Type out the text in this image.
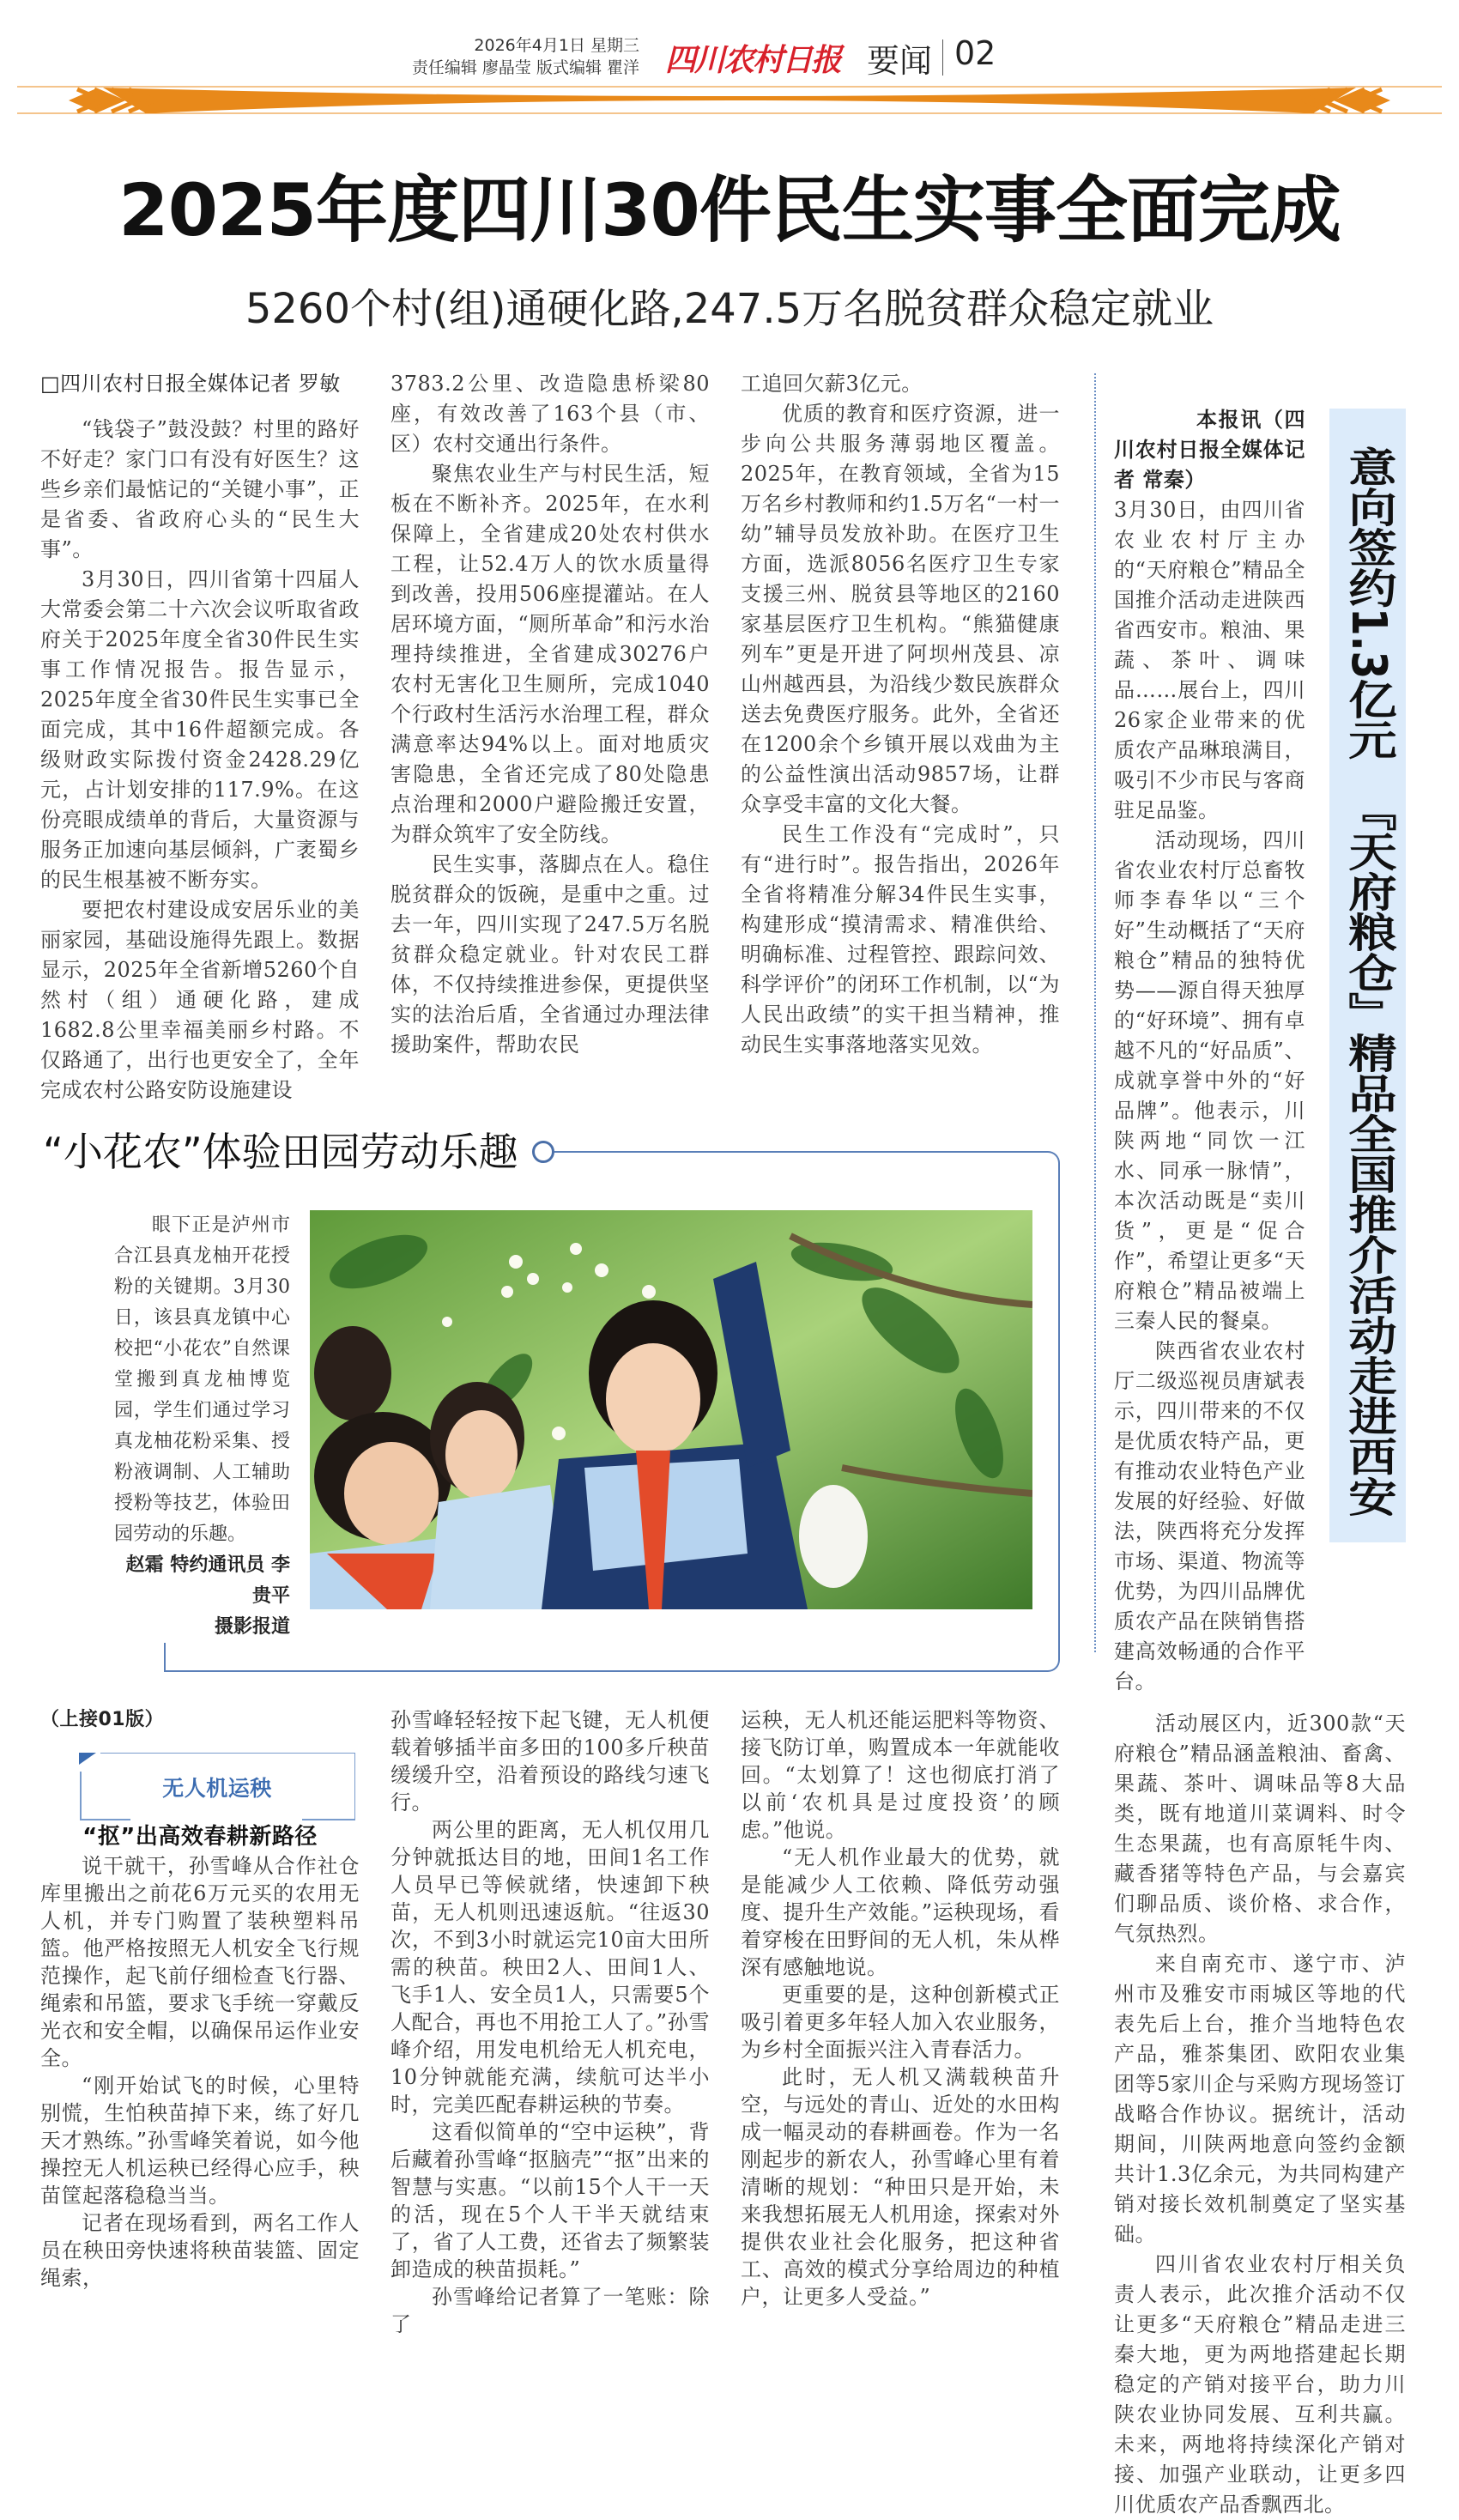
2026年4月1日 星期三
责任编辑 廖晶莹 版式编辑 瞿洋 四川农村日报 要闻 02
2025年度四川30件民生实事全面完成
5260个村(组)通硬化路,247.5万名脱贫群众稳定就业

□四川农村日报全媒体记者 罗敏

“钱袋子”鼓没鼓？村里的路好不好走？家门口有没有好医生？这些乡亲们最惦记的“关键小事”，正是省委、省政府心头的“民生大事”。

3月30日，四川省第十四届人大常委会第二十六次会议听取省政府关于2025年度全省30件民生实事工作情况报告。报告显示，2025年度全省30件民生实事已全面完成，其中16件超额完成。各级财政实际拨付资金2428.29亿元，占计划安排的117.9%。在这份亮眼成绩单的背后，大量资源与服务正加速向基层倾斜，广袤蜀乡的民生根基被不断夯实。

要把农村建设成安居乐业的美丽家园，基础设施得先跟上。数据显示，2025年全省新增5260个自然村（组）通硬化路，建成1682.8公里幸福美丽乡村路。不仅路通了，出行也更安全了，全年完成农村公路安防设施建设

3783.2公里、改造隐患桥梁80座，有效改善了163个县（市、区）农村交通出行条件。

聚焦农业生产与村民生活，短板在不断补齐。2025年，在水利保障上，全省建成20处农村供水工程，让52.4万人的饮水质量得到改善，投用506座提灌站。在人居环境方面，“厕所革命”和污水治理持续推进，全省建成30276户农村无害化卫生厕所，完成1040个行政村生活污水治理工程，群众满意率达94%以上。面对地质灾害隐患，全省还完成了80处隐患点治理和2000户避险搬迁安置，为群众筑牢了安全防线。

民生实事，落脚点在人。稳住脱贫群众的饭碗，是重中之重。过去一年，四川实现了247.5万名脱贫群众稳定就业。针对农民工群体，不仅持续推进参保，更提供坚实的法治后盾，全省通过办理法律援助案件，帮助农民

工追回欠薪3亿元。

优质的教育和医疗资源，进一步向公共服务薄弱地区覆盖。2025年，在教育领域，全省为15万名乡村教师和约1.5万名“一村一幼”辅导员发放补助。在医疗卫生方面，选派8056名医疗卫生专家支援三州、脱贫县等地区的2160家基层医疗卫生机构。“熊猫健康列车”更是开进了阿坝州茂县、凉山州越西县，为沿线少数民族群众送去免费医疗服务。此外，全省还在1200余个乡镇开展以戏曲为主的公益性演出活动9857场，让群众享受丰富的文化大餐。

民生工作没有“完成时”，只有“进行时”。报告指出，2026年全省将精准分解34件民生实事，构建形成“摸清需求、精准供给、明确标准、过程管控、跟踪问效、科学评价”的闭环工作机制，以“为人民出政绩”的实干担当精神，推动民生实事落地落实见效。

“小花农”体验田园劳动乐趣

眼下正是泸州市合江县真龙柚开花授粉的关键期。3月30日，该县真龙镇中心校把“小花农”自然课堂搬到真龙柚博览园，学生们通过学习真龙柚花粉采集、授粉液调制、人工辅助授粉等技艺，体验田园劳动的乐趣。

赵霜 特约通讯员 李贵平
摄影报道
（上接01版）
无人机运秧

“抠”出高效春耕新路径

说干就干，孙雪峰从合作社仓库里搬出之前花6万元买的农用无人机，并专门购置了装秧塑料吊篮。他严格按照无人机安全飞行规范操作，起飞前仔细检查飞行器、绳索和吊篮，要求飞手统一穿戴反光衣和安全帽，以确保吊运作业安全。

“刚开始试飞的时候，心里特别慌，生怕秧苗掉下来，练了好几天才熟练。”孙雪峰笑着说，如今他操控无人机运秧已经得心应手，秧苗筐起落稳稳当当。

记者在现场看到，两名工作人员在秧田旁快速将秧苗装篮、固定绳索，

孙雪峰轻轻按下起飞键，无人机便载着够插半亩多田的100多斤秧苗缓缓升空，沿着预设的路线匀速飞行。

两公里的距离，无人机仅用几分钟就抵达目的地，田间1名工作人员早已等候就绪，快速卸下秧苗，无人机则迅速返航。“往返30次，不到3小时就运完10亩大田所需的秧苗。秧田2人、田间1人、飞手1人、安全员1人，只需要5个人配合，再也不用抢工人了。”孙雪峰介绍，用发电机给无人机充电，10分钟就能充满，续航可达半小时，完美匹配春耕运秧的节奏。

这看似简单的“空中运秧”，背后藏着孙雪峰“抠脑壳”“抠”出来的智慧与实惠。“以前15个人干一天的活，现在5个人干半天就结束了，省了人工费，还省去了频繁装卸造成的秧苗损耗。”

孙雪峰给记者算了一笔账：除了

运秧，无人机还能运肥料等物资、接飞防订单，购置成本一年就能收回。“太划算了！这也彻底打消了以前‘农机具是过度投资’的顾虑。”他说。

“无人机作业最大的优势，就是能减少人工依赖、降低劳动强度、提升生产效能。”运秧现场，看着穿梭在田野间的无人机，朱从桦深有感触地说。

更重要的是，这种创新模式正吸引着更多年轻人加入农业服务，为乡村全面振兴注入青春活力。

此时，无人机又满载秧苗升空，与远处的青山、近处的水田构成一幅灵动的春耕画卷。作为一名刚起步的新农人，孙雪峰心里有着清晰的规划：“种田只是开始，未来我想拓展无人机用途，探索对外提供农业社会化服务，把这种省工、高效的模式分享给周边的种植户，让更多人受益。”

本报讯（四川农村日报全媒体记者 常秦）

3月30日，由四川省农业农村厅主办的“天府粮仓”精品全国推介活动走进陕西省西安市。粮油、果蔬、茶叶、调味品……展台上，四川26家企业带来的优质农产品琳琅满目，吸引不少市民与客商驻足品鉴。

活动现场，四川省农业农村厅总畜牧师李春华以“三个好”生动概括了“天府粮仓”精品的独特优势——源自得天独厚的“好环境”、拥有卓越不凡的“好品质”、成就享誉中外的“好品牌”。他表示，川陕两地“同饮一江水、同承一脉情”，本次活动既是“卖川货”，更是“促合作”，希望让更多“天府粮仓”精品被端上三秦人民的餐桌。

陕西省农业农村厅二级巡视员唐斌表示，四川带来的不仅是优质农特产品，更有推动农业特色产业发展的好经验、好做法，陕西将充分发挥市场、渠道、物流等优势，为四川品牌优质农产品在陕销售搭建高效畅通的合作平台。

意向签约1.3亿元『天府粮仓』精品全国推介活动走进西安

活动展区内，近300款“天府粮仓”精品涵盖粮油、畜禽、果蔬、茶叶、调味品等8大品类，既有地道川菜调料、时令生态果蔬，也有高原牦牛肉、藏香猪等特色产品，与会嘉宾们聊品质、谈价格、求合作，气氛热烈。

来自南充市、遂宁市、泸州市及雅安市雨城区等地的代表先后上台，推介当地特色农产品，雅茶集团、欧阳农业集团等5家川企与采购方现场签订战略合作协议。据统计，活动期间，川陕两地意向签约金额共计1.3亿余元，为共同构建产销对接长效机制奠定了坚实基础。

四川省农业农村厅相关负责人表示，此次推介活动不仅让更多“天府粮仓”精品走进三秦大地，更为两地搭建起长期稳定的产销对接平台，助力川陕农业协同发展、互利共赢。未来，两地将持续深化产销对接、加强产业联动，让更多四川优质农产品香飘西北。
